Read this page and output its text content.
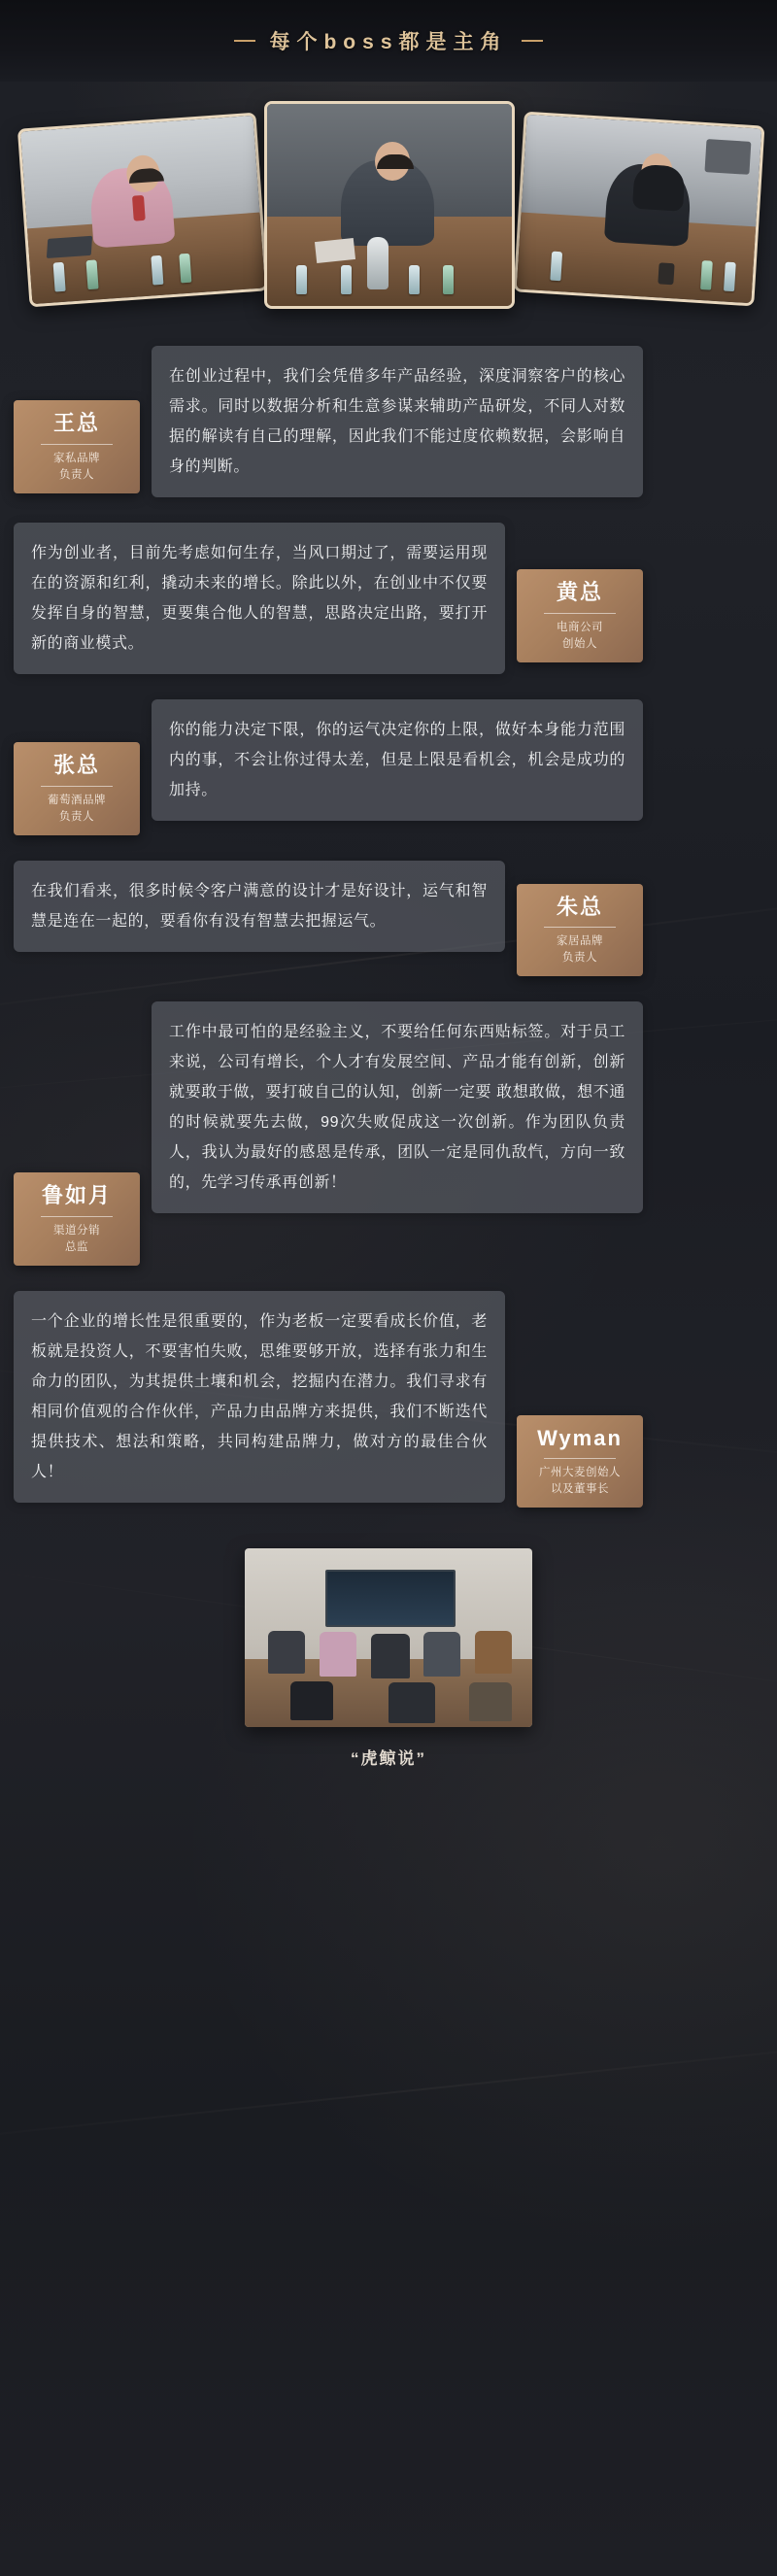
每个boss都是主角
王总
家私品牌
负责人
在创业过程中，我们会凭借多年产品经验，深度洞察客户的核心需求。同时以数据分析和生意参谋来辅助产品研发，不同人对数据的解读有自己的理解，因此我们不能过度依赖数据，会影响自身的判断。
作为创业者，目前先考虑如何生存，当风口期过了，需要运用现在的资源和红利，撬动未来的增长。除此以外，在创业中不仅要发挥自身的智慧，更要集合他人的智慧，思路决定出路，要打开新的商业模式。
黄总
电商公司
创始人
张总
葡萄酒品牌
负责人
你的能力决定下限，你的运气决定你的上限，做好本身能力范围内的事，不会让你过得太差，但是上限是看机会，机会是成功的加持。
在我们看来，很多时候令客户满意的设计才是好设计，运气和智慧是连在一起的，要看你有没有智慧去把握运气。
朱总
家居品牌
负责人
鲁如月
渠道分销
总监
工作中最可怕的是经验主义，不要给任何东西贴标签。对于员工来说，公司有增长，个人才有发展空间、产品才能有创新，创新就要敢于做，要打破自己的认知，创新一定要 敢想敢做，想不通的时候就要先去做，99次失败促成这一次创新。作为团队负责人，我认为最好的感恩是传承，团队一定是同仇敌忾，方向一致的，先学习传承再创新！
一个企业的增长性是很重要的，作为老板一定要看成长价值，老板就是投资人，不要害怕失败，思维要够开放，选择有张力和生命力的团队，为其提供土壤和机会，挖掘内在潜力。我们寻求有相同价值观的合作伙伴，产品力由品牌方来提供，我们不断迭代提供技术、想法和策略，共同构建品牌力，做对方的最佳合伙人！
Wyman
广州大麦创始人
以及董事长
“虎鲸说”
